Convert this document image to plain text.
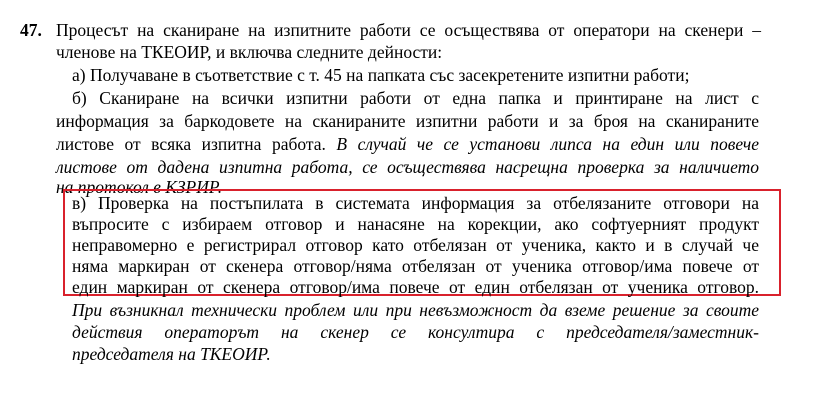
47. Процесът на сканиране на изпитните работи се осъществява от оператори на скенери –
членове на ТКЕОИР, и включва следните дейности:
а) Получаване в съответствие с т. 45 на папката със засекретените изпитни работи;
б) Сканиране на всички изпитни работи от една папка и принтиране на лист с
информация за баркодовете на сканираните изпитни работи и за броя на сканираните
листове от всяка изпитна работа. В случай че се установи липса на един или повече
листове от дадена изпитна работа, се осъществява насрещна проверка за наличието
на протокол в КЗРИР.
в) Проверка на постъпилата в системата информация за отбелязаните отговори на
въпросите с избираем отговор и нанасяне на корекции, ако софтуерният продукт
неправомерно е регистрирал отговор като отбелязан от ученика, както и в случай че
няма маркиран от скенера отговор/няма отбелязан от ученика отговор/има повече от
един маркиран от скенера отговор/има повече от един отбелязан от ученика отговор.
При възникнал технически проблем или при невъзможност да вземе решение за своите
действия операторът на скенер се консултира с председателя/заместник-
председателя на ТКЕОИР.
